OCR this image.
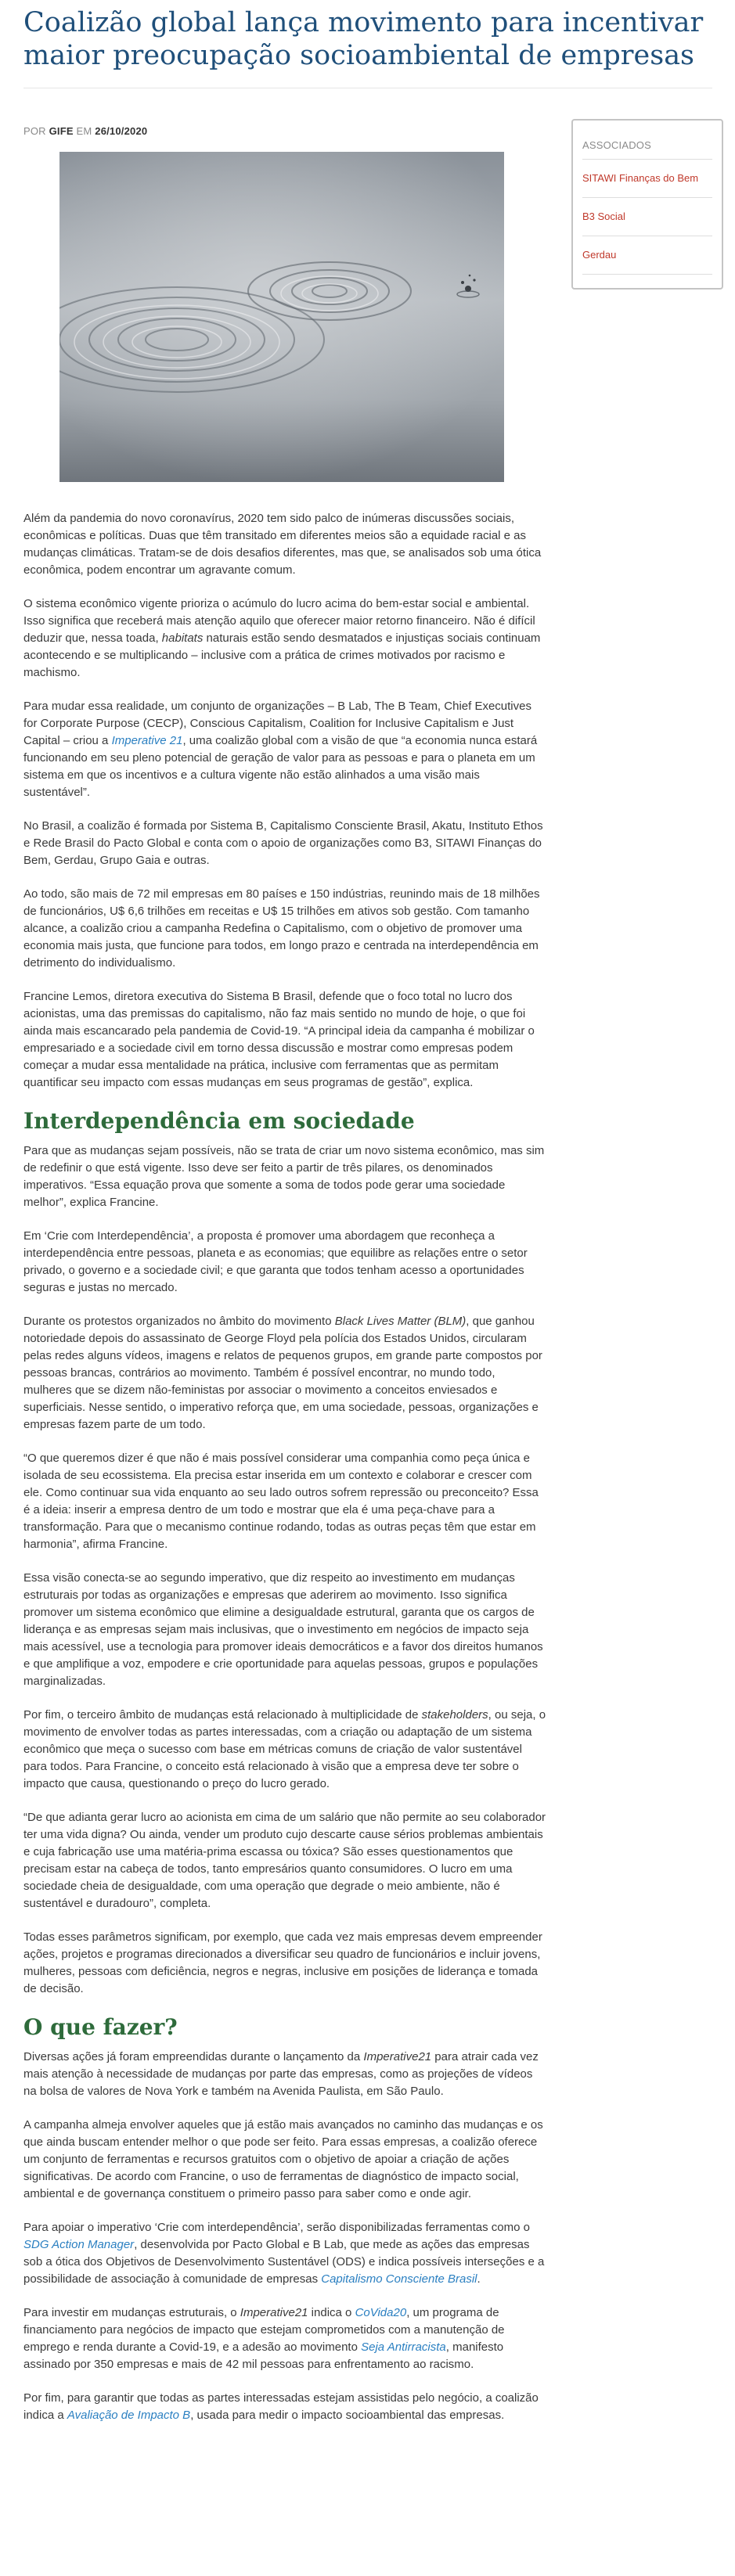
Coalizão global lança movimento para incentivar maior preocupação socioambiental de empresas
POR GIFE EM 26/10/2020
ASSOCIADOS
SITAWI Finanças do Bem
B3 Social
Gerdau

Além da pandemia do novo coronavírus, 2020 tem sido palco de inúmeras discussões sociais, econômicas e políticas. Duas que têm transitado em diferentes meios são a equidade racial e as mudanças climáticas. Tratam-se de dois desafios diferentes, mas que, se analisados sob uma ótica econômica, podem encontrar um agravante comum.

O sistema econômico vigente prioriza o acúmulo do lucro acima do bem-estar social e ambiental. Isso significa que receberá mais atenção aquilo que oferecer maior retorno financeiro. Não é difícil deduzir que, nessa toada, habitats naturais estão sendo desmatados e injustiças sociais continuam acontecendo e se multiplicando – inclusive com a prática de crimes motivados por racismo e machismo.

Para mudar essa realidade, um conjunto de organizações – B Lab, The B Team, Chief Executives for Corporate Purpose (CECP), Conscious Capitalism, Coalition for Inclusive Capitalism e Just Capital – criou a Imperative 21, uma coalizão global com a visão de que “a economia nunca estará funcionando em seu pleno potencial de geração de valor para as pessoas e para o planeta em um sistema em que os incentivos e a cultura vigente não estão alinhados a uma visão mais sustentável”.

No Brasil, a coalizão é formada por Sistema B, Capitalismo Consciente Brasil, Akatu, Instituto Ethos e Rede Brasil do Pacto Global e conta com o apoio de organizações como B3, SITAWI Finanças do Bem, Gerdau, Grupo Gaia e outras.

Ao todo, são mais de 72 mil empresas em 80 países e 150 indústrias, reunindo mais de 18 milhões de funcionários, U$ 6,6 trilhões em receitas e U$ 15 trilhões em ativos sob gestão. Com tamanho alcance, a coalizão criou a campanha Redefina o Capitalismo, com o objetivo de promover uma economia mais justa, que funcione para todos, em longo prazo e centrada na interdependência em detrimento do individualismo.

Francine Lemos, diretora executiva do Sistema B Brasil, defende que o foco total no lucro dos acionistas, uma das premissas do capitalismo, não faz mais sentido no mundo de hoje, o que foi ainda mais escancarado pela pandemia de Covid-19. “A principal ideia da campanha é mobilizar o empresariado e a sociedade civil em torno dessa discussão e mostrar como empresas podem começar a mudar essa mentalidade na prática, inclusive com ferramentas que as permitam quantificar seu impacto com essas mudanças em seus programas de gestão”, explica.

Interdependência em sociedade

Para que as mudanças sejam possíveis, não se trata de criar um novo sistema econômico, mas sim de redefinir o que está vigente. Isso deve ser feito a partir de três pilares, os denominados imperativos. “Essa equação prova que somente a soma de todos pode gerar uma sociedade melhor”, explica Francine.

Em ‘Crie com Interdependência’, a proposta é promover uma abordagem que reconheça a interdependência entre pessoas, planeta e as economias; que equilibre as relações entre o setor privado, o governo e a sociedade civil; e que garanta que todos tenham acesso a oportunidades seguras e justas no mercado.

Durante os protestos organizados no âmbito do movimento Black Lives Matter (BLM), que ganhou notoriedade depois do assassinato de George Floyd pela polícia dos Estados Unidos, circularam pelas redes alguns vídeos, imagens e relatos de pequenos grupos, em grande parte compostos por pessoas brancas, contrários ao movimento. Também é possível encontrar, no mundo todo, mulheres que se dizem não-feministas por associar o movimento a conceitos enviesados e superficiais. Nesse sentido, o imperativo reforça que, em uma sociedade, pessoas, organizações e empresas fazem parte de um todo.

“O que queremos dizer é que não é mais possível considerar uma companhia como peça única e isolada de seu ecossistema. Ela precisa estar inserida em um contexto e colaborar e crescer com ele. Como continuar sua vida enquanto ao seu lado outros sofrem repressão ou preconceito? Essa é a ideia: inserir a empresa dentro de um todo e mostrar que ela é uma peça-chave para a transformação. Para que o mecanismo continue rodando, todas as outras peças têm que estar em harmonia”, afirma Francine.

Essa visão conecta-se ao segundo imperativo, que diz respeito ao investimento em mudanças estruturais por todas as organizações e empresas que aderirem ao movimento. Isso significa promover um sistema econômico que elimine a desigualdade estrutural, garanta que os cargos de liderança e as empresas sejam mais inclusivas, que o investimento em negócios de impacto seja mais acessível, use a tecnologia para promover ideais democráticos e a favor dos direitos humanos e que amplifique a voz, empodere e crie oportunidade para aquelas pessoas, grupos e populações marginalizadas.

Por fim, o terceiro âmbito de mudanças está relacionado à multiplicidade de stakeholders, ou seja, o movimento de envolver todas as partes interessadas, com a criação ou adaptação de um sistema econômico que meça o sucesso com base em métricas comuns de criação de valor sustentável para todos. Para Francine, o conceito está relacionado à visão que a empresa deve ter sobre o impacto que causa, questionando o preço do lucro gerado.

“De que adianta gerar lucro ao acionista em cima de um salário que não permite ao seu colaborador ter uma vida digna? Ou ainda, vender um produto cujo descarte cause sérios problemas ambientais e cuja fabricação use uma matéria-prima escassa ou tóxica? São esses questionamentos que precisam estar na cabeça de todos, tanto empresários quanto consumidores. O lucro em uma sociedade cheia de desigualdade, com uma operação que degrade o meio ambiente, não é sustentável e duradouro”, completa.

Todas esses parâmetros significam, por exemplo, que cada vez mais empresas devem empreender ações, projetos e programas direcionados a diversificar seu quadro de funcionários e incluir jovens, mulheres, pessoas com deficiência, negros e negras, inclusive em posições de liderança e tomada de decisão.

O que fazer?

Diversas ações já foram empreendidas durante o lançamento da Imperative21 para atrair cada vez mais atenção à necessidade de mudanças por parte das empresas, como as projeções de vídeos na bolsa de valores de Nova York e também na Avenida Paulista, em São Paulo.

A campanha almeja envolver aqueles que já estão mais avançados no caminho das mudanças e os que ainda buscam entender melhor o que pode ser feito. Para essas empresas, a coalizão oferece um conjunto de ferramentas e recursos gratuitos com o objetivo de apoiar a criação de ações significativas. De acordo com Francine, o uso de ferramentas de diagnóstico de impacto social, ambiental e de governança constituem o primeiro passo para saber como e onde agir.

Para apoiar o imperativo ‘Crie com interdependência’, serão disponibilizadas ferramentas como o SDG Action Manager, desenvolvida por Pacto Global e B Lab, que mede as ações das empresas sob a ótica dos Objetivos de Desenvolvimento Sustentável (ODS) e indica possíveis interseções e a possibilidade de associação à comunidade de empresas Capitalismo Consciente Brasil.

Para investir em mudanças estruturais, o Imperative21 indica o CoVida20, um programa de financiamento para negócios de impacto que estejam comprometidos com a manutenção de emprego e renda durante a Covid-19, e a adesão ao movimento Seja Antirracista, manifesto assinado por 350 empresas e mais de 42 mil pessoas para enfrentamento ao racismo.

Por fim, para garantir que todas as partes interessadas estejam assistidas pelo negócio, a coalizão indica a Avaliação de Impacto B, usada para medir o impacto socioambiental das empresas.
